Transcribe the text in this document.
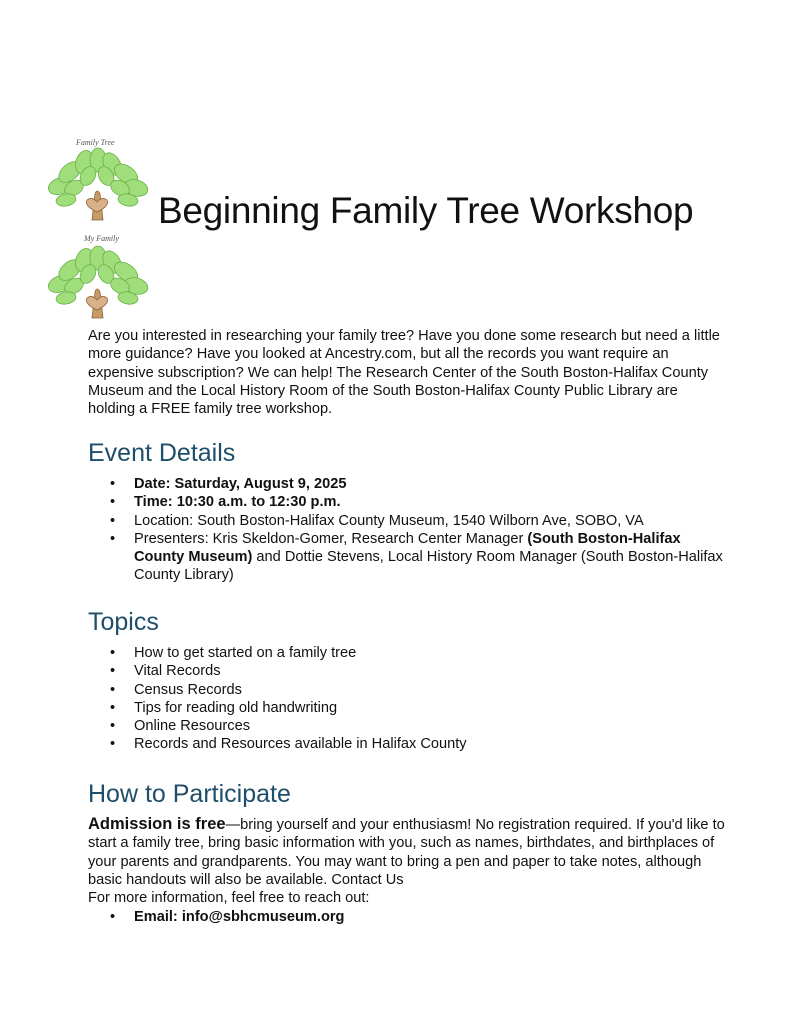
Family Tree
My Family
Beginning Family Tree Workshop

Are you interested in researching your family tree? Have you done some research but need a little more guidance? Have you looked at Ancestry.com, but all the records you want require an expensive subscription? We can help! The Research Center of the South Boston-Halifax County Museum and the Local History Room of the South Boston-Halifax County Public Library are holding a FREE family tree workshop.

Event Details
• Date: Saturday, August 9, 2025
• Time: 10:30 a.m. to 12:30 p.m.
• Location: South Boston-Halifax County Museum, 1540 Wilborn Ave, SOBO, VA
• Presenters: Kris Skeldon-Gomer, Research Center Manager (South Boston-Halifax County Museum) and Dottie Stevens, Local History Room Manager (South Boston-Halifax County Library)
Topics
• How to get started on a family tree
• Vital Records
• Census Records
• Tips for reading old handwriting
• Online Resources
• Records and Resources available in Halifax County
How to Participate

Admission is free—bring yourself and your enthusiasm! No registration required. If you'd like to start a family tree, bring basic information with you, such as names, birthdates, and birthplaces of your parents and grandparents. You may want to bring a pen and paper to take notes, although basic handouts will also be available. Contact Us
For more information, feel free to reach out:

• Email: info@sbhcmuseum.org
